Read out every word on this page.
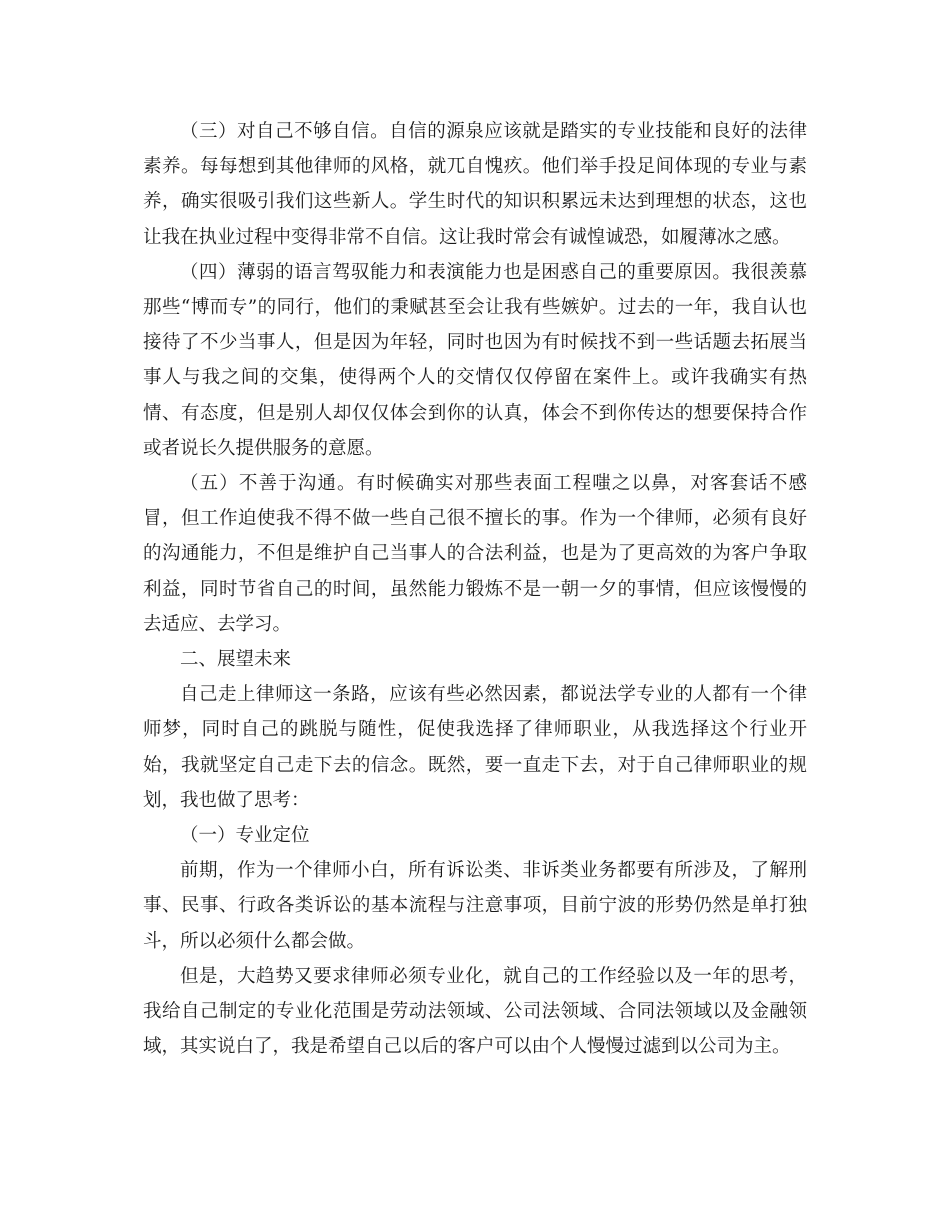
（三）对自己不够自信。自信的源泉应该就是踏实的专业技能和良好的法律素养。每每想到其他律师的风格，就兀自愧疚。他们举手投足间体现的专业与素养，确实很吸引我们这些新人。学生时代的知识积累远未达到理想的状态，这也让我在执业过程中变得非常不自信。这让我时常会有诚惶诚恐，如履薄冰之感。

（四）薄弱的语言驾驭能力和表演能力也是困惑自己的重要原因。我很羡慕那些“博而专”的同行，他们的秉赋甚至会让我有些嫉妒。过去的一年，我自认也接待了不少当事人，但是因为年轻，同时也因为有时候找不到一些话题去拓展当事人与我之间的交集，使得两个人的交情仅仅停留在案件上。或许我确实有热情、有态度，但是别人却仅仅体会到你的认真，体会不到你传达的想要保持合作或者说长久提供服务的意愿。

（五）不善于沟通。有时候确实对那些表面工程嗤之以鼻，对客套话不感冒，但工作迫使我不得不做一些自己很不擅长的事。作为一个律师，必须有良好的沟通能力，不但是维护自己当事人的合法利益，也是为了更高效的为客户争取利益，同时节省自己的时间，虽然能力锻炼不是一朝一夕的事情，但应该慢慢的去适应、去学习。

二、展望未来

自己走上律师这一条路，应该有些必然因素，都说法学专业的人都有一个律师梦，同时自己的跳脱与随性，促使我选择了律师职业，从我选择这个行业开始，我就坚定自己走下去的信念。既然，要一直走下去，对于自己律师职业的规划，我也做了思考：

（一）专业定位

前期，作为一个律师小白，所有诉讼类、非诉类业务都要有所涉及，了解刑事、民事、行政各类诉讼的基本流程与注意事项，目前宁波的形势仍然是单打独斗，所以必须什么都会做。

但是，大趋势又要求律师必须专业化，就自己的工作经验以及一年的思考，我给自己制定的专业化范围是劳动法领域、公司法领域、合同法领域以及金融领域，其实说白了，我是希望自己以后的客户可以由个人慢慢过滤到以公司为主。
